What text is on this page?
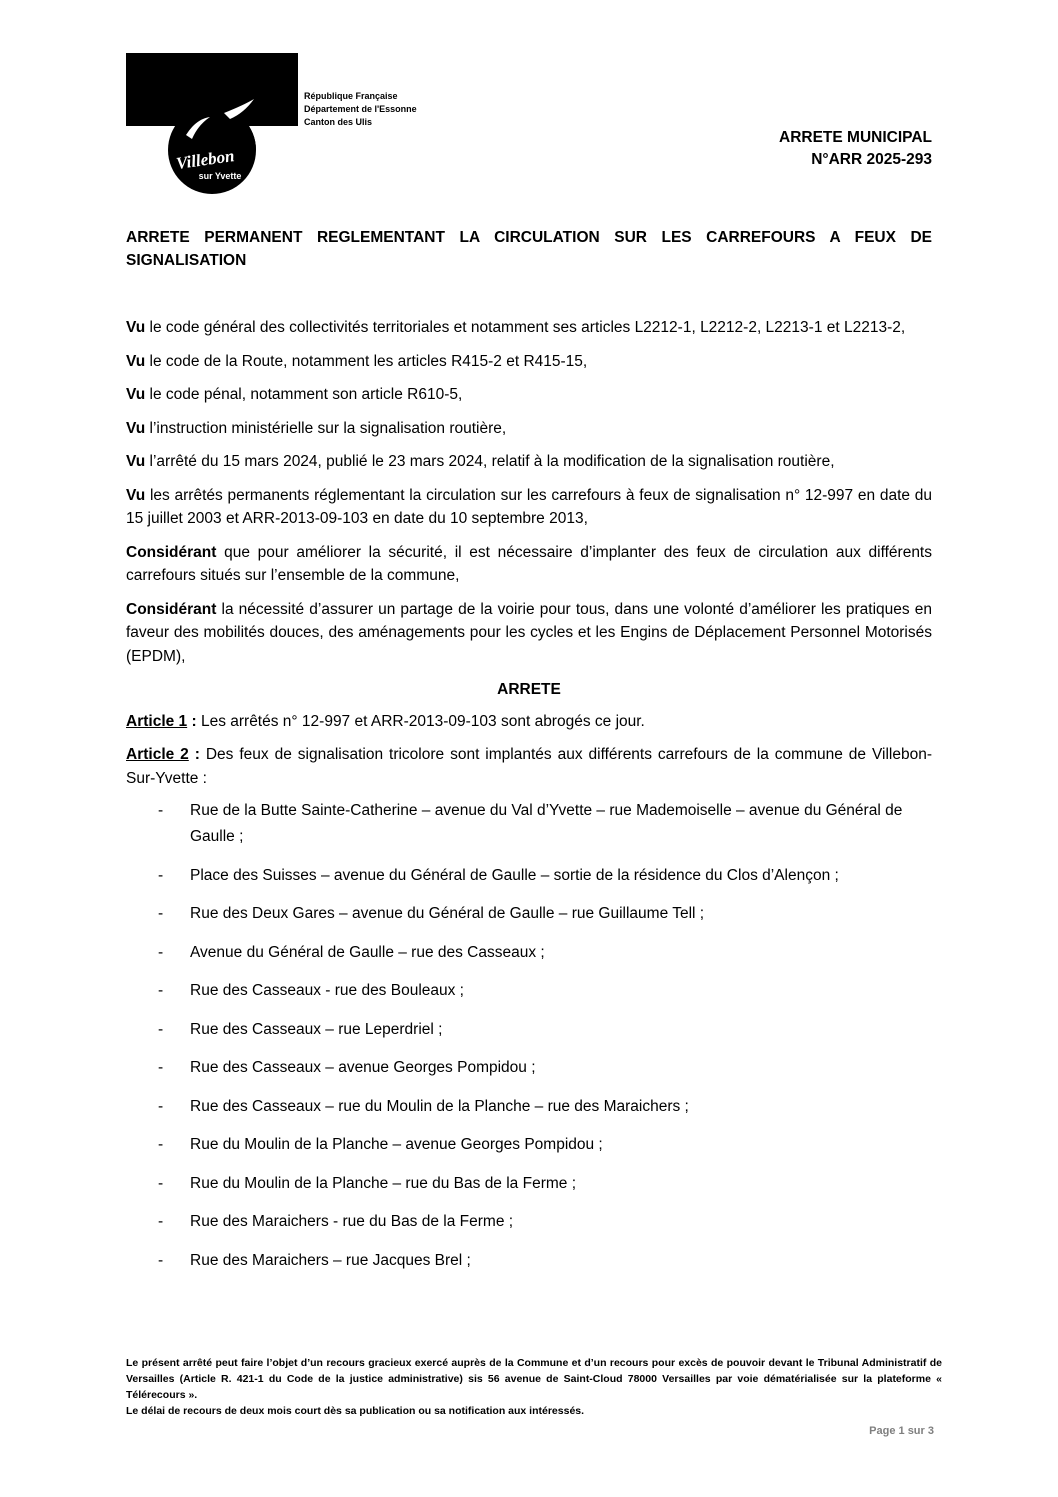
Villebon
sur Yvette
République Française
Département de l'Essonne
Canton des Ulis
ARRETE MUNICIPAL
N°ARR 2025-293
ARRETE PERMANENT REGLEMENTANT LA CIRCULATION SUR LES CARREFOURS A FEUX DE SIGNALISATION

Vu le code général des collectivités territoriales et notamment ses articles L2212-1, L2212-2, L2213-1 et L2213-2,

Vu le code de la Route, notamment les articles R415-2 et R415-15,

Vu le code pénal, notamment son article R610-5,

Vu l’instruction ministérielle sur la signalisation routière,

Vu l’arrêté du 15 mars 2024, publié le 23 mars 2024, relatif à la modification de la signalisation routière,

Vu les arrêtés permanents réglementant la circulation sur les carrefours à feux de signalisation n° 12-997 en date du 15 juillet 2003 et ARR-2013-09-103 en date du 10 septembre 2013,

Considérant que pour améliorer la sécurité, il est nécessaire d’implanter des feux de circulation aux différents carrefours situés sur l’ensemble de la commune,

Considérant la nécessité d’assurer un partage de la voirie pour tous, dans une volonté d’améliorer les pratiques en faveur des mobilités douces, des aménagements pour les cycles et les Engins de Déplacement Personnel Motorisés (EPDM),

ARRETE

Article 1 : Les arrêtés n° 12-997 et ARR-2013-09-103 sont abrogés ce jour.

Article 2 : Des feux de signalisation tricolore sont implantés aux différents carrefours de la commune de Villebon-Sur-Yvette :

- Rue de la Butte Sainte-Catherine – avenue du Val d’Yvette – rue Mademoiselle – avenue du Général de Gaulle ;
- Place des Suisses – avenue du Général de Gaulle – sortie de la résidence du Clos d’Alençon ;
- Rue des Deux Gares – avenue du Général de Gaulle – rue Guillaume Tell ;
- Avenue du Général de Gaulle – rue des Casseaux ;
- Rue des Casseaux - rue des Bouleaux ;
- Rue des Casseaux – rue Leperdriel ;
- Rue des Casseaux – avenue Georges Pompidou ;
- Rue des Casseaux – rue du Moulin de la Planche – rue des Maraichers ;
- Rue du Moulin de la Planche – avenue Georges Pompidou ;
- Rue du Moulin de la Planche – rue du Bas de la Ferme ;
- Rue des Maraichers - rue du Bas de la Ferme ;
- Rue des Maraichers – rue Jacques Brel ;

Le présent arrêté peut faire l’objet d’un recours gracieux exercé auprès de la Commune et d’un recours pour excès de pouvoir devant le Tribunal Administratif de Versailles (Article R. 421-1 du Code de la justice administrative) sis 56 avenue de Saint-Cloud 78000 Versailles par voie dématérialisée sur la plateforme « Télérecours ».

Le délai de recours de deux mois court dès sa publication ou sa notification aux intéressés.

Page 1 sur 3
